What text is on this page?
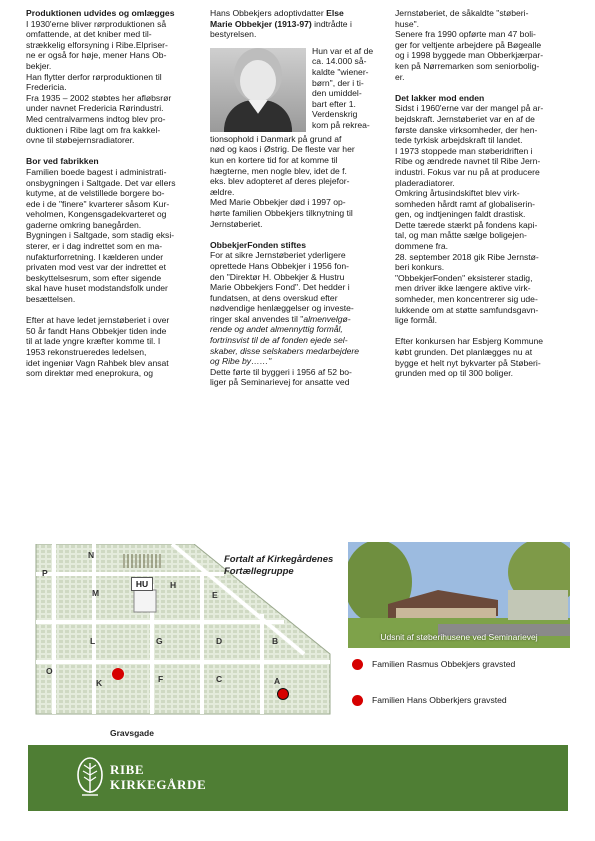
Produktionen udvides og omlægges

I 1930'erne bliver rørproduktionen så
omfattende, at det kniber med til-
strækkelig elforsyning i Ribe.Elpriser-
ne er også for høje, mener Hans Ob-
bekjer.
Han flytter derfor rørproduktionen til
Fredericia.
Fra 1935 – 2002 støbtes her afløbsrør
under navnet Fredericia Rørindustri.
Med centralvarmens indtog blev pro-
duktionen i Ribe lagt om fra kakkel-
ovne til støbejernsradiatorer.

Bor ved fabrikken

Familien boede bagest i administrati-
onsbygningen i Saltgade. Det var ellers
kutyme, at de velstillede borgere bo-
ede i de "finere" kvarterer såsom Kur-
veholmen, Kongensgadekvarteret og
gaderne omkring banegården.
Bygningen i Saltgade, som stadig eksi-
sterer, er i dag indrettet som en ma-
nufakturforretning. I kælderen under
privaten mod vest var der indrettet et
beskyttelsesrum, som efter sigende
skal have huset modstandsfolk under
besættelsen.

Efter at have ledet jernstøberiet i over
50 år fandt Hans Obbekjer tiden inde
til at lade yngre kræfter komme til. I
1953 rekonstrueredes ledelsen,
idet ingeniør Vagn Rahbek blev ansat
som direktør med eneprokura, og

Hans Obbekjers adoptivdatter Else
Marie Obbekjer (1913-97) indtrådte i
bestyrelsen.

Hun var et af de
ca. 14.000 så-
kaldte "wiener-
børn", der i ti-
den umiddel-
bart efter 1.
Verdenskrig
kom på rekrea-

tionsophold i Danmark på grund af
nød og kaos i Østrig. De fleste var her
kun en kortere tid for at komme til
hægterne, men nogle blev, idet de f.
eks. blev adopteret af deres plejefor-
ældre.
Med Marie Obbekjer død i 1997 op-
hørte familien Obbekjers tilknytning til
Jernstøberiet.

ObbekjerFonden stiftes

For at sikre Jernstøberiet yderligere
oprettede Hans Obbekjer i 1956 fon-
den "Direktør H. Obbekjer & Hustru
Marie Obbekjers Fond". Det hedder i
fundatsen, at dens overskud efter
nødvendige henlæggelser og investe-
ringer skal anvendes til "almenvelgø-
rende og andet almennyttig formål,
fortrinsvist til de af fonden ejede sel-
skaber, disse selskabers medarbejdere
og Ribe by……"

Dette førte til byggeri i 1956 af 52 bo-
liger på Seminarievej for ansatte ved

Jernstøberiet, de såkaldte "støberi-
huse".
Senere fra 1990 opførte man 47 boli-
ger for veltjente arbejdere på Bøgealle
og i 1998 byggede man Obberkjærpar-
ken på Nørremarken som seniorbolig-
er.

Det lakker mod enden

Sidst i 1960'erne var der mangel på ar-
bejdskraft. Jernstøberiet var en af de
første danske virksomheder, der hen-
tede tyrkisk arbejdskraft til landet.
I 1973 stoppede man støberidriften i
Ribe og ændrede navnet til Ribe Jern-
industri. Fokus var nu på at producere
pladeradiatorer.
Omkring årtusindskiftet blev virk-
somheden hårdt ramt af globaliserin-
gen, og indtjeningen faldt drastisk.
Dette tærede stærkt på fondens kapi-
tal, og man måtte sælge boligejen-
dommene fra.
28. september 2018 gik Ribe Jernstø-
beri konkurs.
"ObbekjerFonden" eksisterer stadig,
men driver ikke længere aktive virk-
somheder, men koncentrerer sig ude-
lukkende om at støtte samfundsgavn-
lige formål.

Efter konkursen har Esbjerg Kommune
købt grunden. Det planlægges nu at
bygge et helt nyt bykvarter på Støberi-
grunden med op til 300 boliger.

Fortalt af Kirkegårdenes
Fortællegruppe
N
P
M
HU	H
E
L	G	D	B
O
K	F	C	A
Gravsgade
Udsnit af støberihusene ved Seminarievej
Familien Rasmus Obbekjers gravsted
Familien Hans Obberkjers gravsted
RIBE
KIRKEGÅRDE
